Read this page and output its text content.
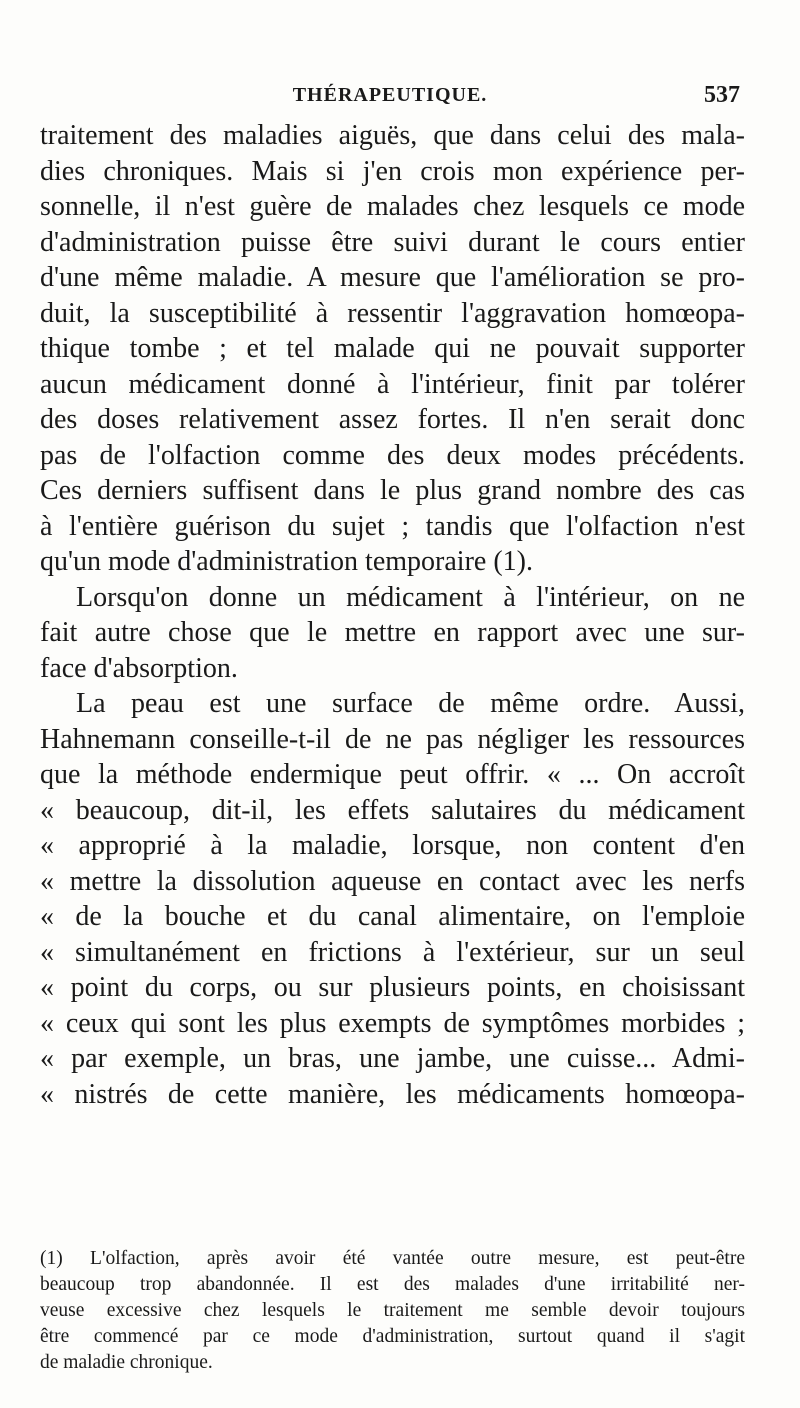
THÉRAPEUTIQUE.	537
traitement des maladies aiguës, que dans celui des mala-
dies chroniques. Mais si j'en crois mon expérience per-
sonnelle, il n'est guère de malades chez lesquels ce mode
d'administration puisse être suivi durant le cours entier
d'une même maladie. A mesure que l'amélioration se pro-
duit, la susceptibilité à ressentir l'aggravation homœopa-
thique tombe ; et tel malade qui ne pouvait supporter
aucun médicament donné à l'intérieur, finit par tolérer
des doses relativement assez fortes. Il n'en serait donc
pas de l'olfaction comme des deux modes précédents.
Ces derniers suffisent dans le plus grand nombre des cas
à l'entière guérison du sujet ; tandis que l'olfaction n'est
qu'un mode d'administration temporaire (1).
Lorsqu'on donne un médicament à l'intérieur, on ne
fait autre chose que le mettre en rapport avec une sur-
face d'absorption.
La peau est une surface de même ordre. Aussi,
Hahnemann conseille-t-il de ne pas négliger les ressources
que la méthode endermique peut offrir. « ... On accroît
« beaucoup, dit-il, les effets salutaires du médicament
« approprié à la maladie, lorsque, non content d'en
« mettre la dissolution aqueuse en contact avec les nerfs
« de la bouche et du canal alimentaire, on l'emploie
« simultanément en frictions à l'extérieur, sur un seul
« point du corps, ou sur plusieurs points, en choisissant
« ceux qui sont les plus exempts de symptômes morbides ;
« par exemple, un bras, une jambe, une cuisse... Admi-
« nistrés de cette manière, les médicaments homœopa-
(1) L'olfaction, après avoir été vantée outre mesure, est peut-être
beaucoup trop abandonnée. Il est des malades d'une irritabilité ner-
veuse excessive chez lesquels le traitement me semble devoir toujours
être commencé par ce mode d'administration, surtout quand il s'agit
de maladie chronique.
